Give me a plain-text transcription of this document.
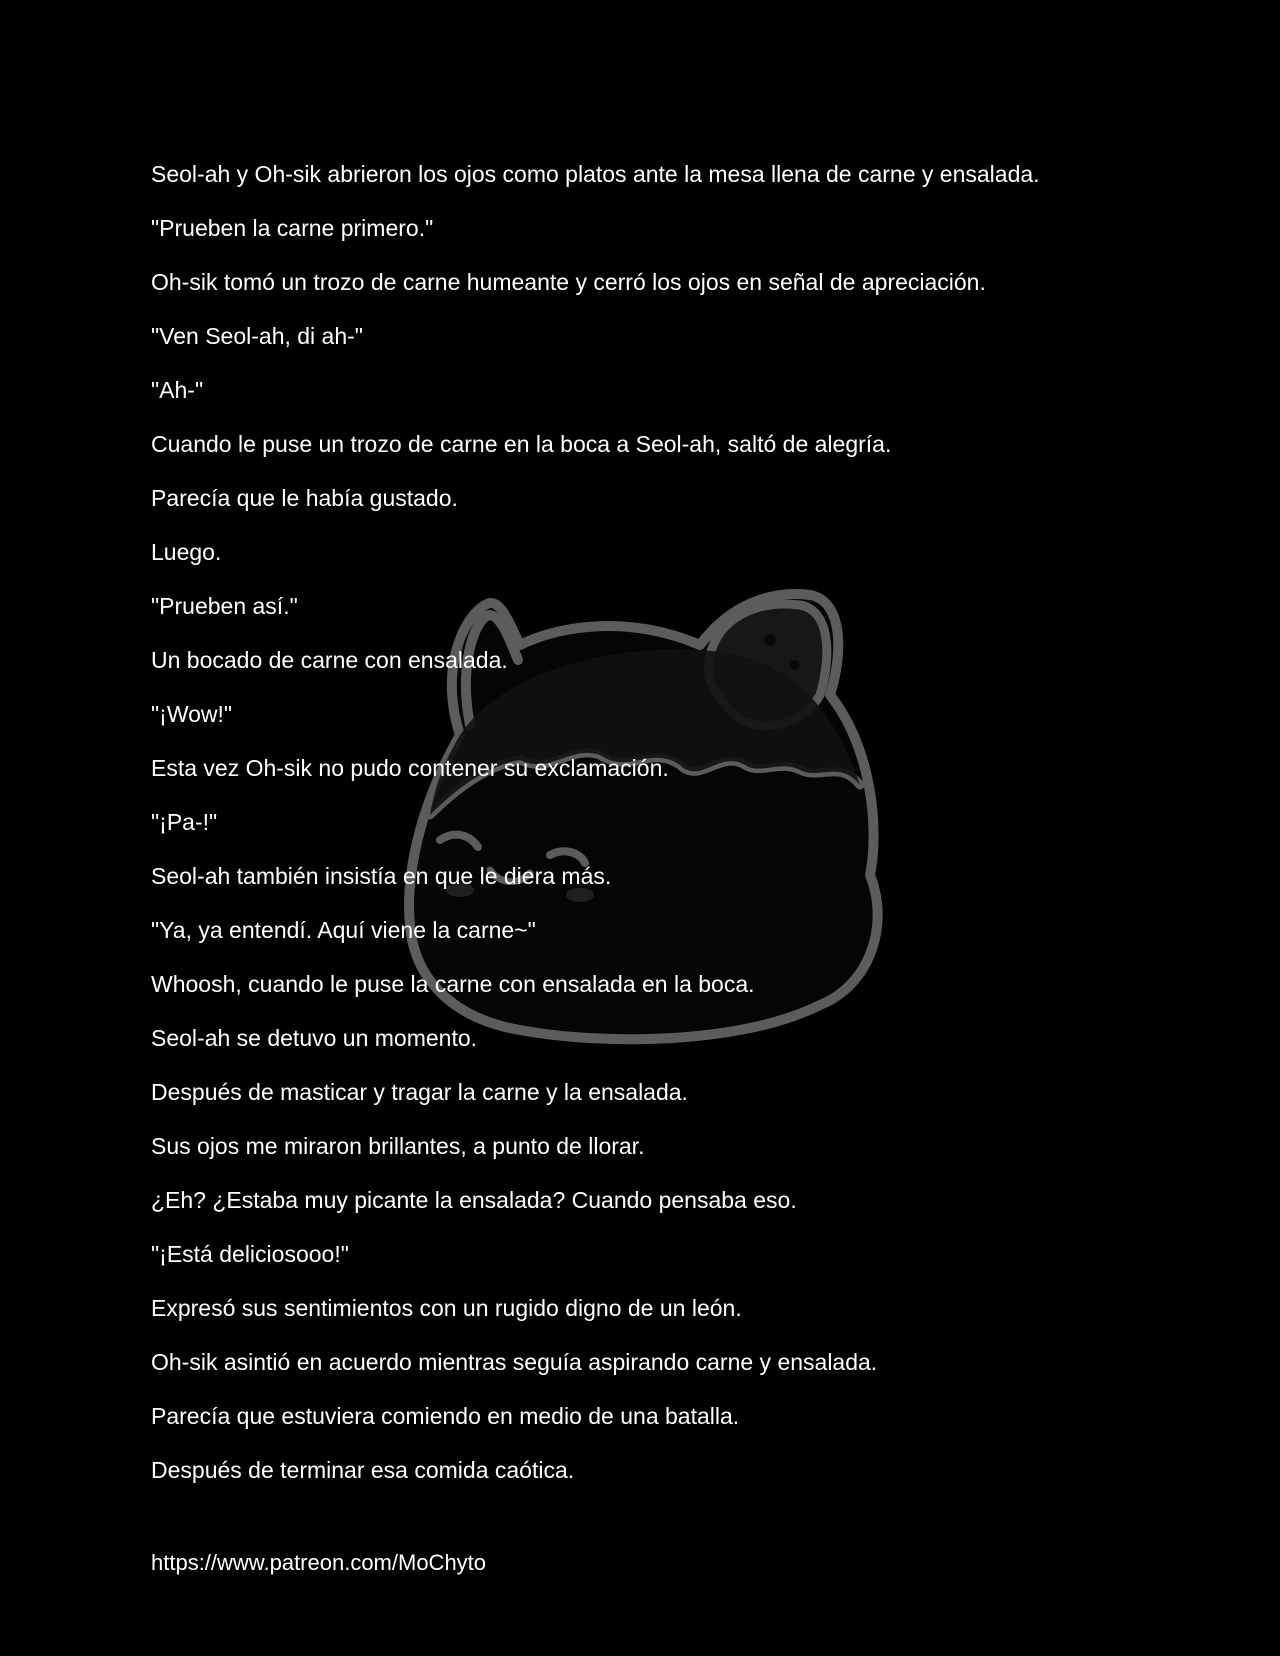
Seol-ah y Oh-sik abrieron los ojos como platos ante la mesa llena de carne y ensalada.
"Prueben la carne primero."
Oh-sik tomó un trozo de carne humeante y cerró los ojos en señal de apreciación.
"Ven Seol-ah, di ah-"
"Ah-"
Cuando le puse un trozo de carne en la boca a Seol-ah, saltó de alegría.
Parecía que le había gustado.
Luego.
"Prueben así."
Un bocado de carne con ensalada.
"¡Wow!"
Esta vez Oh-sik no pudo contener su exclamación.
"¡Pa-!"
Seol-ah también insistía en que le diera más.
"Ya, ya entendí. Aquí viene la carne~"
Whoosh, cuando le puse la carne con ensalada en la boca.
Seol-ah se detuvo un momento.
Después de masticar y tragar la carne y la ensalada.
Sus ojos me miraron brillantes, a punto de llorar.
¿Eh? ¿Estaba muy picante la ensalada? Cuando pensaba eso.
"¡Está deliciosooo!"
Expresó sus sentimientos con un rugido digno de un león.
Oh-sik asintió en acuerdo mientras seguía aspirando carne y ensalada.
Parecía que estuviera comiendo en medio de una batalla.
Después de terminar esa comida caótica.
https://www.patreon.com/MoChyto
